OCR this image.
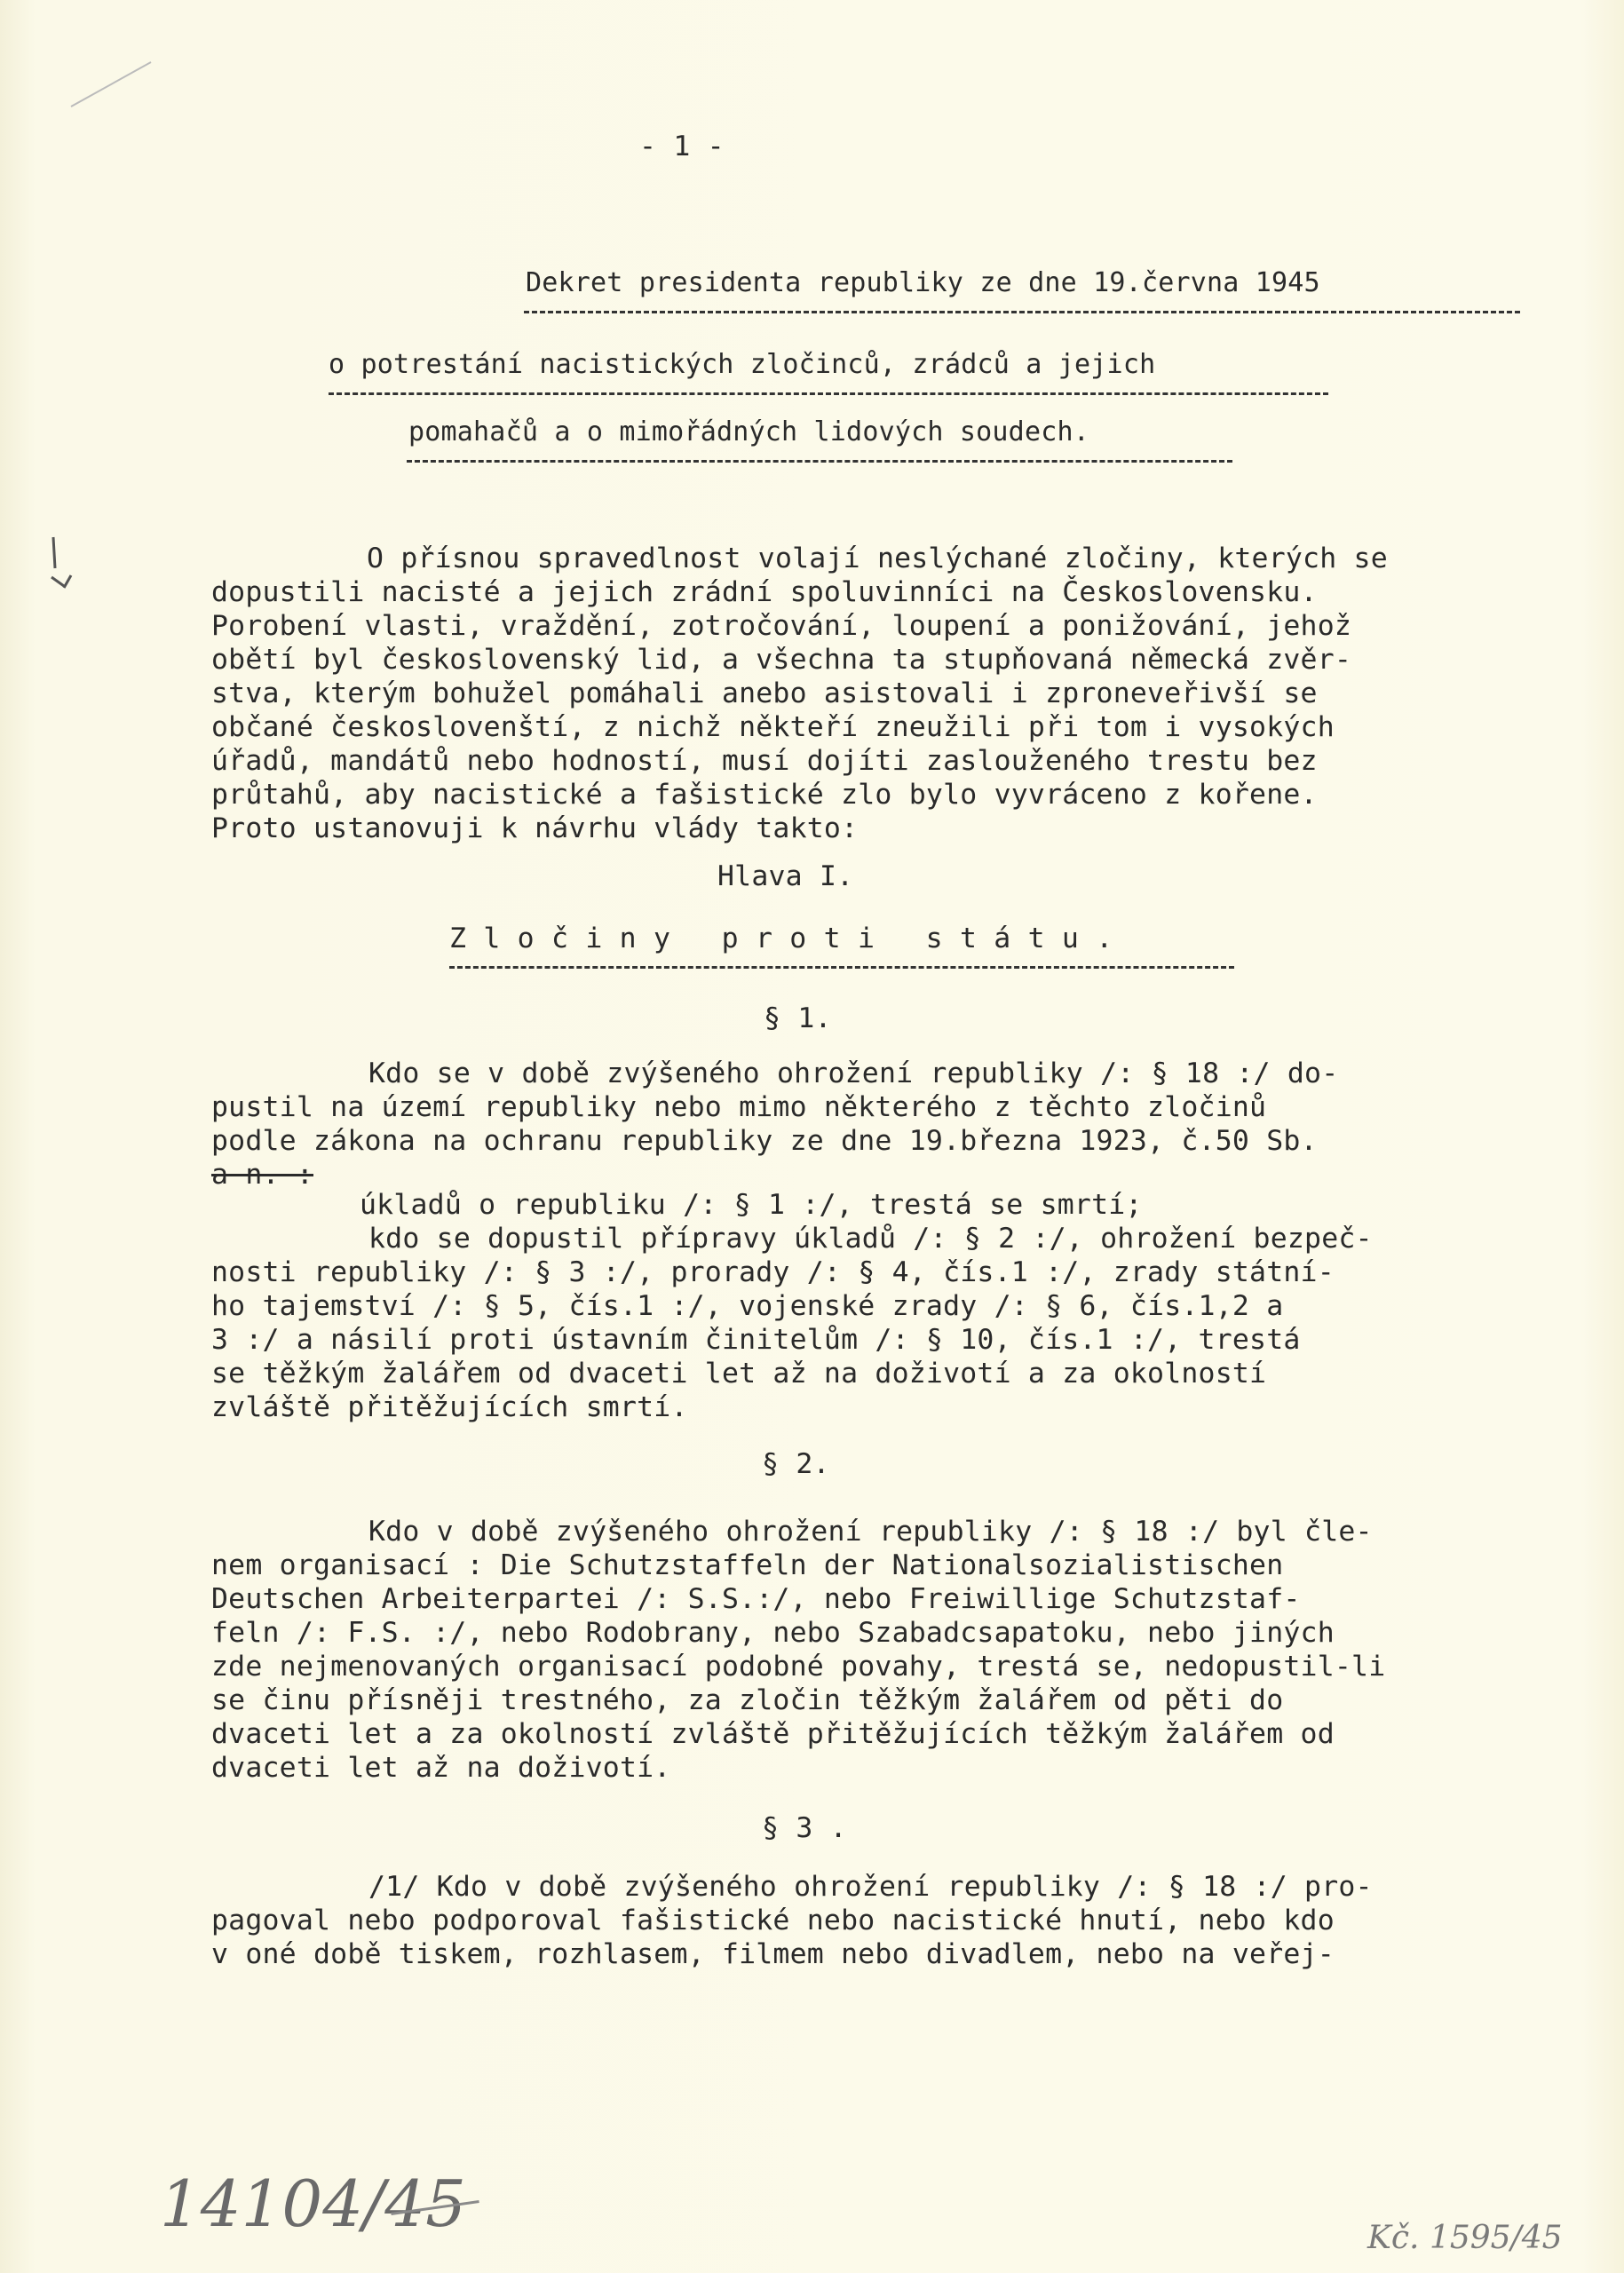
- 1 -
Dekret presidenta republiky ze dne 19.června 1945
o potrestání nacistických zločinců, zrádců a jejich
pomahačů a o mimořádných lidových soudech.
O přísnou spravedlnost volají neslýchané zločiny, kterých se
dopustili nacisté a jejich zrádní spoluvinníci na Československu.
Porobení vlasti, vraždění, zotročování, loupení a ponižování, jehož
obětí byl československý lid, a všechna ta stupňovaná německá zvěr-
stva, kterým bohužel pomáhali anebo asistovali i zproneveřivší se
občané českoslovenští, z nichž někteří zneužili při tom i vysokých
úřadů, mandátů nebo hodností, musí dojíti zaslouženého trestu bez
průtahů, aby nacistické a fašistické zlo bylo vyvráceno z kořene.
Proto ustanovuji k návrhu vlády takto:
Hlava I.
Z l o č i n y   p r o t i   s t á t u .
§ 1.
Kdo se v době zvýšeného ohrožení republiky /: § 18 :/ do-
pustil na území republiky nebo mimo některého z těchto zločinů
podle zákona na ochranu republiky ze dne 19.března 1923, č.50 Sb.
a n. :
úkladů o republiku /: § 1 :/, trestá se smrtí;
kdo se dopustil přípravy úkladů /: § 2 :/, ohrožení bezpeč-
nosti republiky /: § 3 :/, prorady /: § 4, čís.1 :/, zrady státní-
ho tajemství /: § 5, čís.1 :/, vojenské zrady /: § 6, čís.1,2 a
3 :/ a násilí proti ústavním činitelům /: § 10, čís.1 :/, trestá
se těžkým žalářem od dvaceti let až na doživotí a za okolností
zvláště přitěžujících smrtí.
§ 2.
Kdo v době zvýšeného ohrožení republiky /: § 18 :/ byl čle-
nem organisací : Die Schutzstaffeln der Nationalsozialistischen
Deutschen Arbeiterpartei /: S.S.:/, nebo Freiwillige Schutzstaf-
feln /: F.S. :/, nebo Rodobrany, nebo Szabadcsapatoku, nebo jiných
zde nejmenovaných organisací podobné povahy, trestá se, nedopustil-li
se činu přísněji trestného, za zločin těžkým žalářem od pěti do
dvaceti let a za okolností zvláště přitěžujících těžkým žalářem od
dvaceti let až na doživotí.
§ 3 .
/1/ Kdo v době zvýšeného ohrožení republiky /: § 18 :/ pro-
pagoval nebo podporoval fašistické nebo nacistické hnutí, nebo kdo
v oné době tiskem, rozhlasem, filmem nebo divadlem, nebo na veřej-
14104/45	Kč. 1595/45
